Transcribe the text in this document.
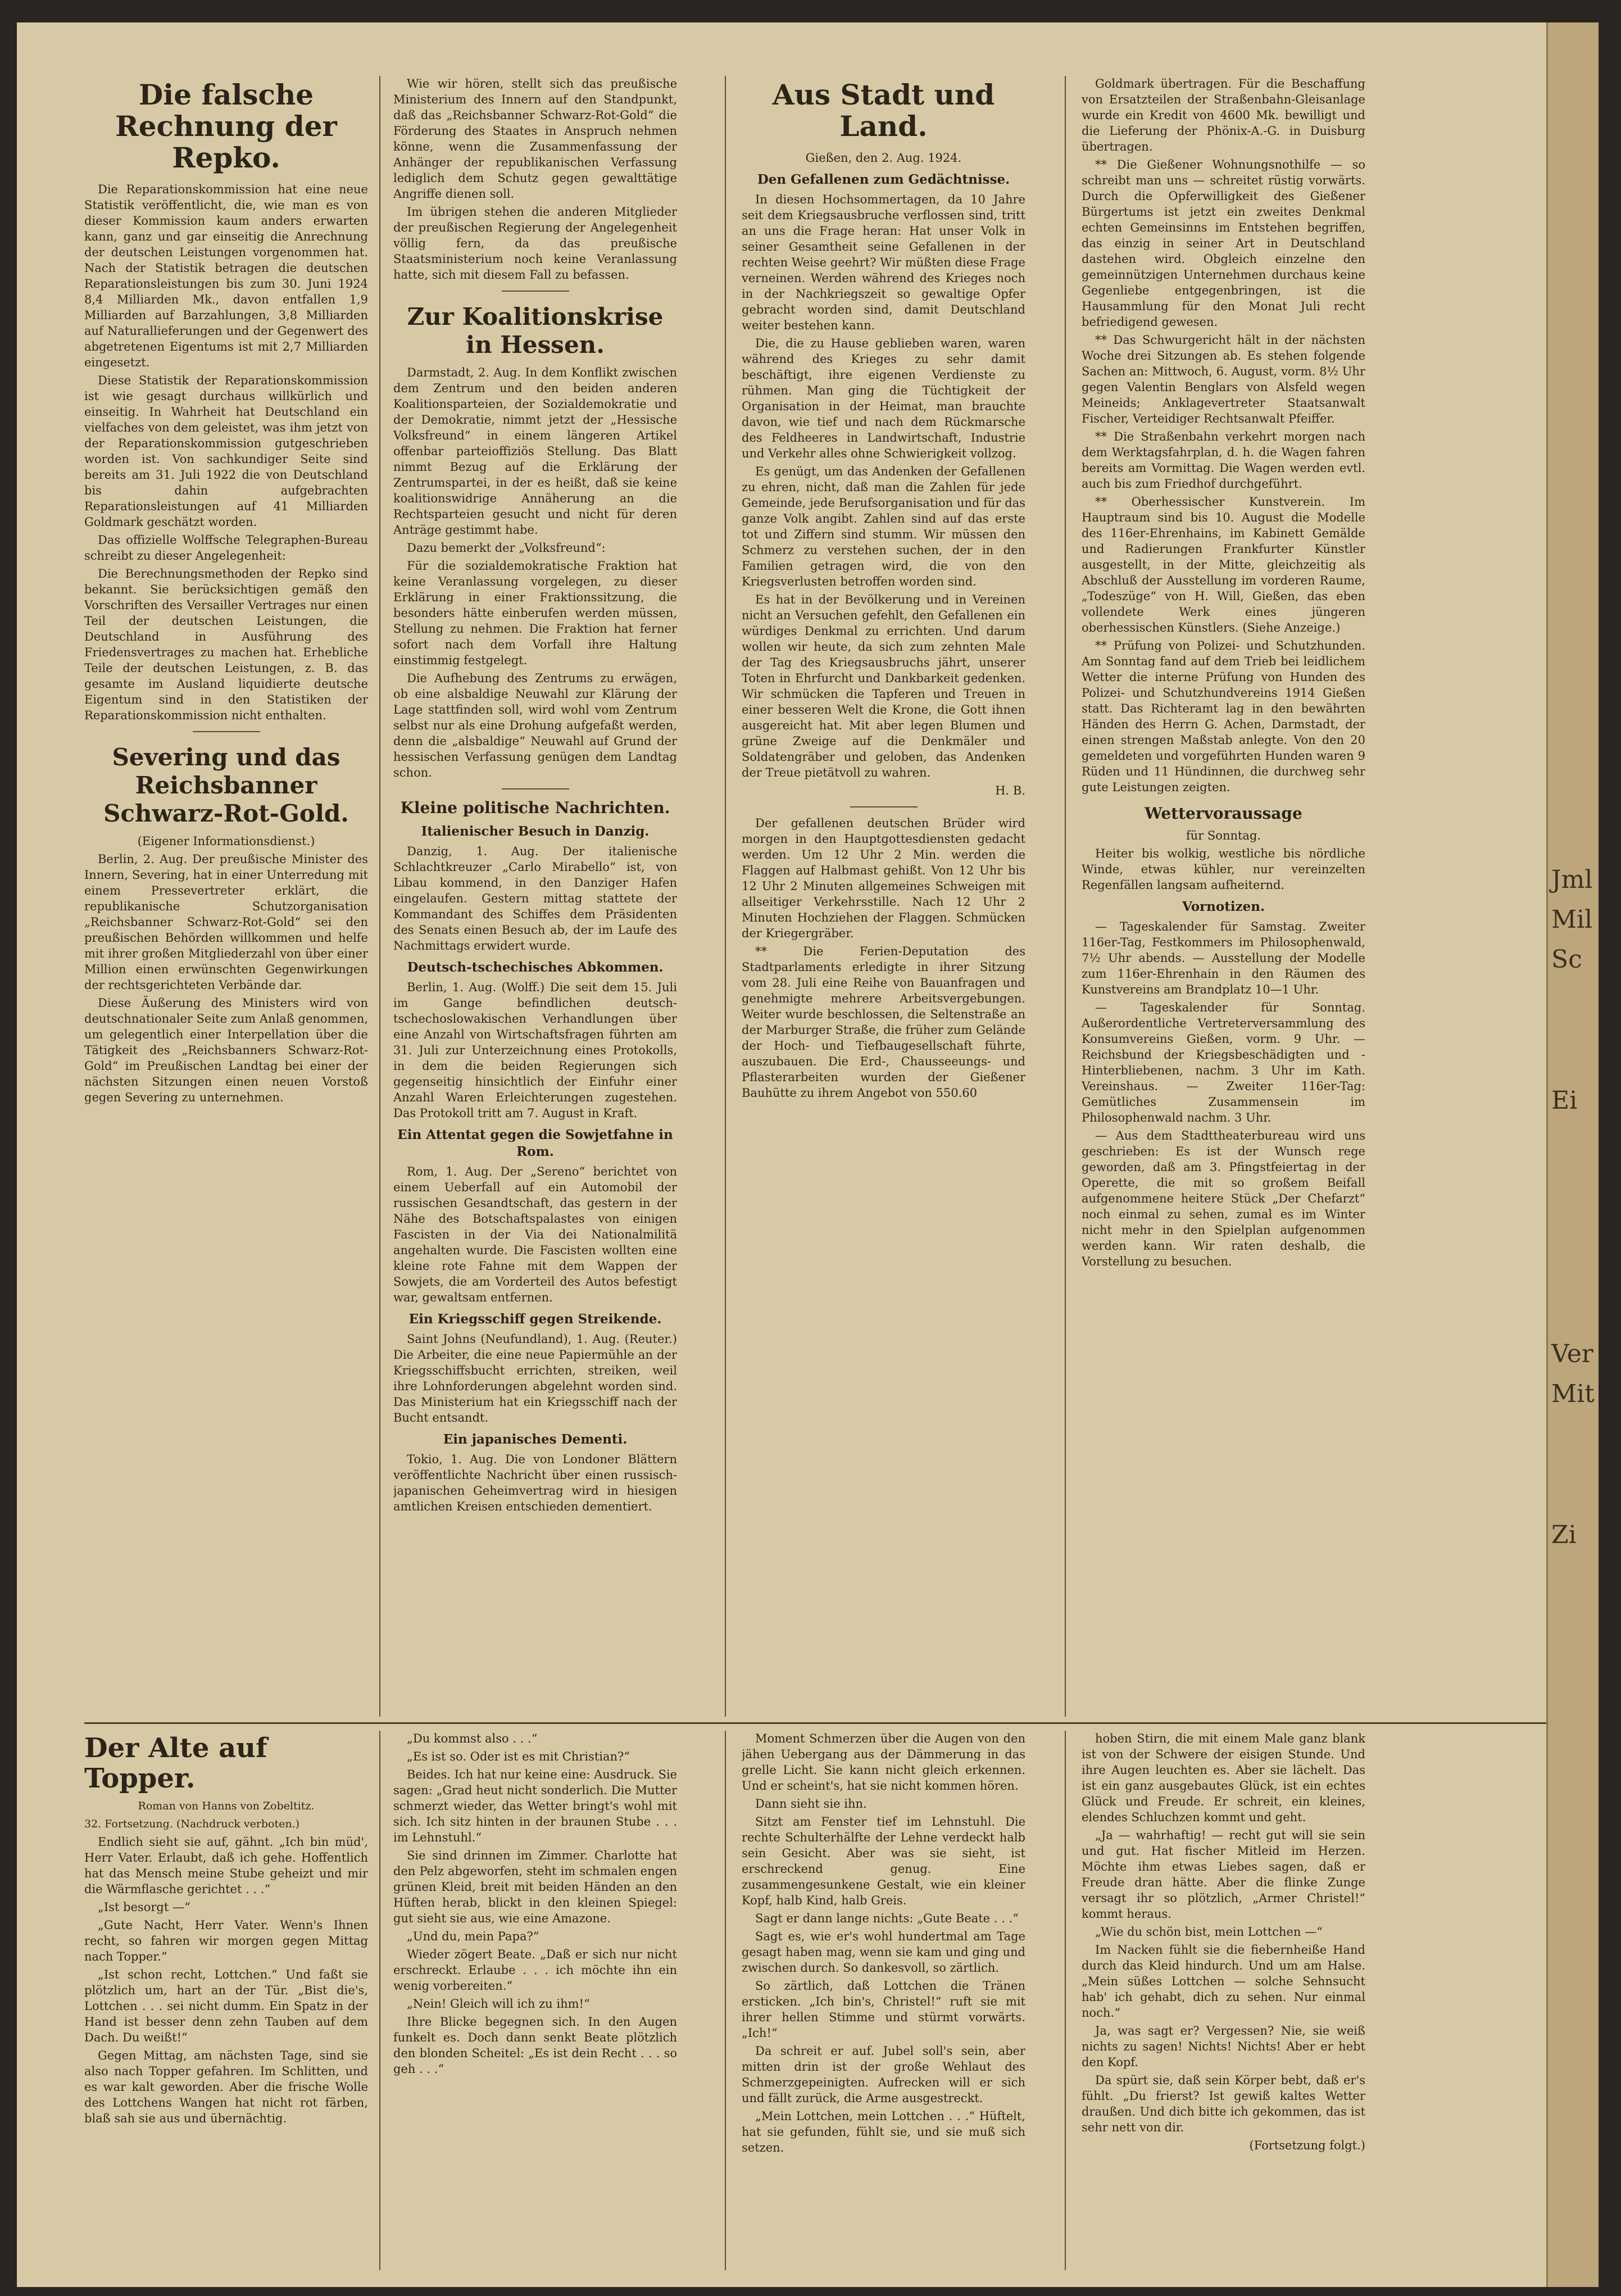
Die falsche Rechnung der Repko.

Die Reparationskommission hat eine neue Statistik veröffentlicht, die, wie man es von dieser Kommission kaum anders erwarten kann, ganz und gar einseitig die Anrechnung der deutschen Leistungen vorgenommen hat. Nach der Statistik betragen die deutschen Reparationsleistungen bis zum 30. Juni 1924 8,4 Milliarden Mk., davon entfallen 1,9 Milliarden auf Barzahlungen, 3,8 Milliarden auf Naturallieferungen und der Gegenwert des abgetretenen Eigentums ist mit 2,7 Milliarden eingesetzt.

Diese Statistik der Reparationskommission ist wie gesagt durchaus willkürlich und einseitig. In Wahrheit hat Deutschland ein vielfaches von dem geleistet, was ihm jetzt von der Reparationskommission gutgeschrieben worden ist. Von sachkundiger Seite sind bereits am 31. Juli 1922 die von Deutschland bis dahin aufgebrachten Reparationsleistungen auf 41 Milliarden Goldmark geschätzt worden.

Das offizielle Wolffsche Telegraphen-Bureau schreibt zu dieser Angelegenheit:

Die Berechnungsmethoden der Repko sind bekannt. Sie berücksichtigen gemäß den Vorschriften des Versailler Vertrages nur einen Teil der deutschen Leistungen, die Deutschland in Ausführung des Friedensvertrages zu machen hat. Erhebliche Teile der deutschen Leistungen, z. B. das gesamte im Ausland liquidierte deutsche Eigentum sind in den Statistiken der Reparationskommission nicht enthalten.

Severing und das Reichsbanner Schwarz-Rot-Gold.

(Eigener Informationsdienst.)

Berlin, 2. Aug. Der preußische Minister des Innern, Severing, hat in einer Unterredung mit einem Pressevertreter erklärt, die republikanische Schutzorganisation „Reichsbanner Schwarz-Rot-Gold“ sei den preußischen Behörden willkommen und helfe mit ihrer großen Mitgliederzahl von über einer Million einen erwünschten Gegenwirkungen der rechtsgerichteten Verbände dar.

Diese Äußerung des Ministers wird von deutschnationaler Seite zum Anlaß genommen, um gelegentlich einer Interpellation über die Tätigkeit des „Reichsbanners Schwarz-Rot-Gold“ im Preußischen Landtag bei einer der nächsten Sitzungen einen neuen Vorstoß gegen Severing zu unternehmen.

Wie wir hören, stellt sich das preußische Ministerium des Innern auf den Standpunkt, daß das „Reichsbanner Schwarz-Rot-Gold“ die Förderung des Staates in Anspruch nehmen könne, wenn die Zusammenfassung der Anhänger der republikanischen Verfassung lediglich dem Schutz gegen gewalttätige Angriffe dienen soll.

Im übrigen stehen die anderen Mitglieder der preußischen Regierung der Angelegenheit völlig fern, da das preußische Staatsministerium noch keine Veranlassung hatte, sich mit diesem Fall zu befassen.

Zur Koalitionskrise in Hessen.

Darmstadt, 2. Aug. In dem Konflikt zwischen dem Zentrum und den beiden anderen Koalitionsparteien, der Sozialdemokratie und der Demokratie, nimmt jetzt der „Hessische Volksfreund“ in einem längeren Artikel offenbar parteioffiziös Stellung. Das Blatt nimmt Bezug auf die Erklärung der Zentrumspartei, in der es heißt, daß sie keine koalitionswidrige Annäherung an die Rechtsparteien gesucht und nicht für deren Anträge gestimmt habe.

Dazu bemerkt der „Volksfreund“:

Für die sozialdemokratische Fraktion hat keine Veranlassung vorgelegen, zu dieser Erklärung in einer Fraktionssitzung, die besonders hätte einberufen werden müssen, Stellung zu nehmen. Die Fraktion hat ferner sofort nach dem Vorfall ihre Haltung einstimmig festgelegt.

Die Aufhebung des Zentrums zu erwägen, ob eine alsbaldige Neuwahl zur Klärung der Lage stattfinden soll, wird wohl vom Zentrum selbst nur als eine Drohung aufgefaßt werden, denn die „alsbaldige“ Neuwahl auf Grund der hessischen Verfassung genügen dem Landtag schon.

Kleine politische Nachrichten.
Italienischer Besuch in Danzig.

Danzig, 1. Aug. Der italienische Schlachtkreuzer „Carlo Mirabello“ ist, von Libau kommend, in den Danziger Hafen eingelaufen. Gestern mittag stattete der Kommandant des Schiffes dem Präsidenten des Senats einen Besuch ab, der im Laufe des Nachmittags erwidert wurde.

Deutsch-tschechisches Abkommen.

Berlin, 1. Aug. (Wolff.) Die seit dem 15. Juli im Gange befindlichen deutsch-tschechoslowakischen Verhandlungen über eine Anzahl von Wirtschaftsfragen führten am 31. Juli zur Unterzeichnung eines Protokolls, in dem die beiden Regierungen sich gegenseitig hinsichtlich der Einfuhr einer Anzahl Waren Erleichterungen zugestehen. Das Protokoll tritt am 7. August in Kraft.

Ein Attentat gegen die Sowjetfahne in Rom.

Rom, 1. Aug. Der „Sereno“ berichtet von einem Ueberfall auf ein Automobil der russischen Gesandtschaft, das gestern in der Nähe des Botschaftspalastes von einigen Fascisten in der Via dei Nationalmilitä angehalten wurde. Die Fascisten wollten eine kleine rote Fahne mit dem Wappen der Sowjets, die am Vorderteil des Autos befestigt war, gewaltsam entfernen.

Ein Kriegsschiff gegen Streikende.

Saint Johns (Neufundland), 1. Aug. (Reuter.) Die Arbeiter, die eine neue Papiermühle an der Kriegsschiffsbucht errichten, streiken, weil ihre Lohnforderungen abgelehnt worden sind. Das Ministerium hat ein Kriegsschiff nach der Bucht entsandt.

Ein japanisches Dementi.

Tokio, 1. Aug. Die von Londoner Blättern veröffentlichte Nachricht über einen russisch-japanischen Geheimvertrag wird in hiesigen amtlichen Kreisen entschieden dementiert.

Aus Stadt und Land.

Gießen, den 2. Aug. 1924.

Den Gefallenen zum Gedächtnisse.

In diesen Hochsommertagen, da 10 Jahre seit dem Kriegsausbruche verflossen sind, tritt an uns die Frage heran: Hat unser Volk in seiner Gesamtheit seine Gefallenen in der rechten Weise geehrt? Wir müßten diese Frage verneinen. Werden während des Krieges noch in der Nachkriegszeit so gewaltige Opfer gebracht worden sind, damit Deutschland weiter bestehen kann.

Die, die zu Hause geblieben waren, waren während des Krieges zu sehr damit beschäftigt, ihre eigenen Verdienste zu rühmen. Man ging die Tüchtigkeit der Organisation in der Heimat, man brauchte davon, wie tief und nach dem Rückmarsche des Feldheeres in Landwirtschaft, Industrie und Verkehr alles ohne Schwierigkeit vollzog.

Es genügt, um das Andenken der Gefallenen zu ehren, nicht, daß man die Zahlen für jede Gemeinde, jede Berufsorganisation und für das ganze Volk angibt. Zahlen sind auf das erste tot und Ziffern sind stumm. Wir müssen den Schmerz zu verstehen suchen, der in den Familien getragen wird, die von den Kriegsverlusten betroffen worden sind.

Es hat in der Bevölkerung und in Vereinen nicht an Versuchen gefehlt, den Gefallenen ein würdiges Denkmal zu errichten. Und darum wollen wir heute, da sich zum zehnten Male der Tag des Kriegsausbruchs jährt, unserer Toten in Ehrfurcht und Dankbarkeit gedenken. Wir schmücken die Tapferen und Treuen in einer besseren Welt die Krone, die Gott ihnen ausgereicht hat. Mit aber legen Blumen und grüne Zweige auf die Denkmäler und Soldatengräber und geloben, das Andenken der Treue pietätvoll zu wahren.

H. B.

Der gefallenen deutschen Brüder wird morgen in den Hauptgottesdiensten gedacht werden. Um 12 Uhr 2 Min. werden die Flaggen auf Halbmast gehißt. Von 12 Uhr bis 12 Uhr 2 Minuten allgemeines Schweigen mit allseitiger Verkehrsstille. Nach 12 Uhr 2 Minuten Hochziehen der Flaggen. Schmücken der Kriegergräber.

** Die Ferien-Deputation des Stadtparlaments erledigte in ihrer Sitzung vom 28. Juli eine Reihe von Bauanfragen und genehmigte mehrere Arbeitsvergebungen. Weiter wurde beschlossen, die Seltenstraße an der Marburger Straße, die früher zum Gelände der Hoch- und Tiefbaugesellschaft führte, auszubauen. Die Erd-, Chausseeungs- und Pflasterarbeiten wurden der Gießener Bauhütte zu ihrem Angebot von 550.60

Goldmark übertragen. Für die Beschaffung von Ersatzteilen der Straßenbahn-Gleisanlage wurde ein Kredit von 4600 Mk. bewilligt und die Lieferung der Phönix-A.-G. in Duisburg übertragen.

** Die Gießener Wohnungsnothilfe — so schreibt man uns — schreitet rüstig vorwärts. Durch die Opferwilligkeit des Gießener Bürgertums ist jetzt ein zweites Denkmal echten Gemeinsinns im Entstehen begriffen, das einzig in seiner Art in Deutschland dastehen wird. Obgleich einzelne den gemeinnützigen Unternehmen durchaus keine Gegenliebe entgegenbringen, ist die Hausammlung für den Monat Juli recht befriedigend gewesen.

** Das Schwurgericht hält in der nächsten Woche drei Sitzungen ab. Es stehen folgende Sachen an: Mittwoch, 6. August, vorm. 8½ Uhr gegen Valentin Benglars von Alsfeld wegen Meineids; Anklagevertreter Staatsanwalt Fischer, Verteidiger Rechtsanwalt Pfeiffer.

** Die Straßenbahn verkehrt morgen nach dem Werktagsfahrplan, d. h. die Wagen fahren bereits am Vormittag. Die Wagen werden evtl. auch bis zum Friedhof durchgeführt.

** Oberhessischer Kunstverein. Im Hauptraum sind bis 10. August die Modelle des 116er-Ehrenhains, im Kabinett Gemälde und Radierungen Frankfurter Künstler ausgestellt, in der Mitte, gleichzeitig als Abschluß der Ausstellung im vorderen Raume, „Todeszüge“ von H. Will, Gießen, das eben vollendete Werk eines jüngeren oberhessischen Künstlers. (Siehe Anzeige.)

** Prüfung von Polizei- und Schutzhunden. Am Sonntag fand auf dem Trieb bei leidlichem Wetter die interne Prüfung von Hunden des Polizei- und Schutzhundvereins 1914 Gießen statt. Das Richteramt lag in den bewährten Händen des Herrn G. Achen, Darmstadt, der einen strengen Maßstab anlegte. Von den 20 gemeldeten und vorgeführten Hunden waren 9 Rüden und 11 Hündinnen, die durchweg sehr gute Leistungen zeigten.

Wettervoraussage

für Sonntag.

Heiter bis wolkig, westliche bis nördliche Winde, etwas kühler, nur vereinzelten Regenfällen langsam aufheiternd.

Vornotizen.

— Tageskalender für Samstag. Zweiter 116er-Tag, Festkommers im Philosophenwald, 7½ Uhr abends. — Ausstellung der Modelle zum 116er-Ehrenhain in den Räumen des Kunstvereins am Brandplatz 10—1 Uhr.

— Tageskalender für Sonntag. Außerordentliche Vertreterversammlung des Konsumvereins Gießen, vorm. 9 Uhr. — Reichsbund der Kriegsbeschädigten und -Hinterbliebenen, nachm. 3 Uhr im Kath. Vereinshaus. — Zweiter 116er-Tag: Gemütliches Zusammensein im Philosophenwald nachm. 3 Uhr.

— Aus dem Stadttheaterbureau wird uns geschrieben: Es ist der Wunsch rege geworden, daß am 3. Pfingstfeiertag in der Operette, die mit so großem Beifall aufgenommene heitere Stück „Der Chefarzt“ noch einmal zu sehen, zumal es im Winter nicht mehr in den Spielplan aufgenommen werden kann. Wir raten deshalb, die Vorstellung zu besuchen.

Der Alte auf Topper.

Roman von Hanns von Zobeltitz.

32. Fortsetzung. (Nachdruck verboten.)

Endlich sieht sie auf, gähnt. „Ich bin müd', Herr Vater. Erlaubt, daß ich gehe. Hoffentlich hat das Mensch meine Stube geheizt und mir die Wärmflasche gerichtet . . .“

„Ist besorgt —“

„Gute Nacht, Herr Vater. Wenn's Ihnen recht, so fahren wir morgen gegen Mittag nach Topper.“

„Ist schon recht, Lottchen.“ Und faßt sie plötzlich um, hart an der Tür. „Bist die's, Lottchen . . . sei nicht dumm. Ein Spatz in der Hand ist besser denn zehn Tauben auf dem Dach. Du weißt!“

Gegen Mittag, am nächsten Tage, sind sie also nach Topper gefahren. Im Schlitten, und es war kalt geworden. Aber die frische Wolle des Lottchens Wangen hat nicht rot färben, blaß sah sie aus und übernächtig.

„Du kommst also . . .“

„Es ist so. Oder ist es mit Christian?“

Beides. Ich hat nur keine eine: Ausdruck. Sie sagen: „Grad heut nicht sonderlich. Die Mutter schmerzt wieder, das Wetter bringt's wohl mit sich. Ich sitz hinten in der braunen Stube . . . im Lehnstuhl.“

Sie sind drinnen im Zimmer. Charlotte hat den Pelz abgeworfen, steht im schmalen engen grünen Kleid, breit mit beiden Händen an den Hüften herab, blickt in den kleinen Spiegel: gut sieht sie aus, wie eine Amazone.

„Und du, mein Papa?“

Wieder zögert Beate. „Daß er sich nur nicht erschreckt. Erlaube . . . ich möchte ihn ein wenig vorbereiten.“

„Nein! Gleich will ich zu ihm!“

Ihre Blicke begegnen sich. In den Augen funkelt es. Doch dann senkt Beate plötzlich den blonden Scheitel: „Es ist dein Recht . . . so geh . . .“

Moment Schmerzen über die Augen von den jähen Uebergang aus der Dämmerung in das grelle Licht. Sie kann nicht gleich erkennen. Und er scheint's, hat sie nicht kommen hören.

Dann sieht sie ihn.

Sitzt am Fenster tief im Lehnstuhl. Die rechte Schulterhälfte der Lehne verdeckt halb sein Gesicht. Aber was sie sieht, ist erschreckend genug. Eine zusammengesunkene Gestalt, wie ein kleiner Kopf, halb Kind, halb Greis.

Sagt er dann lange nichts: „Gute Beate . . .“

Sagt es, wie er's wohl hundertmal am Tage gesagt haben mag, wenn sie kam und ging und zwischen durch. So dankesvoll, so zärtlich.

So zärtlich, daß Lottchen die Tränen ersticken. „Ich bin's, Christel!“ ruft sie mit ihrer hellen Stimme und stürmt vorwärts. „Ich!“

Da schreit er auf. Jubel soll's sein, aber mitten drin ist der große Wehlaut des Schmerzgepeinigten. Aufrecken will er sich und fällt zurück, die Arme ausgestreckt.

„Mein Lottchen, mein Lottchen . . .“ Hüftelt, hat sie gefunden, fühlt sie, und sie muß sich setzen.

hoben Stirn, die mit einem Male ganz blank ist von der Schwere der eisigen Stunde. Und ihre Augen leuchten es. Aber sie lächelt. Das ist ein ganz ausgebautes Glück, ist ein echtes Glück und Freude. Er schreit, ein kleines, elendes Schluchzen kommt und geht.

„Ja — wahrhaftig! — recht gut will sie sein und gut. Hat fischer Mitleid im Herzen. Möchte ihm etwas Liebes sagen, daß er Freude dran hätte. Aber die flinke Zunge versagt ihr so plötzlich, „Armer Christel!“ kommt heraus.

„Wie du schön bist, mein Lottchen —“

Im Nacken fühlt sie die fiebernheiße Hand durch das Kleid hindurch. Und um am Halse. „Mein süßes Lottchen — solche Sehnsucht hab' ich gehabt, dich zu sehen. Nur einmal noch.“

Ja, was sagt er? Vergessen? Nie, sie weiß nichts zu sagen! Nichts! Nichts! Aber er hebt den Kopf.

Da spürt sie, daß sein Körper bebt, daß er's fühlt. „Du frierst? Ist gewiß kaltes Wetter draußen. Und dich bitte ich gekommen, das ist sehr nett von dir.

(Fortsetzung folgt.)

Jml
Mil
Sc
Ei
Ver
Mit
Zi
